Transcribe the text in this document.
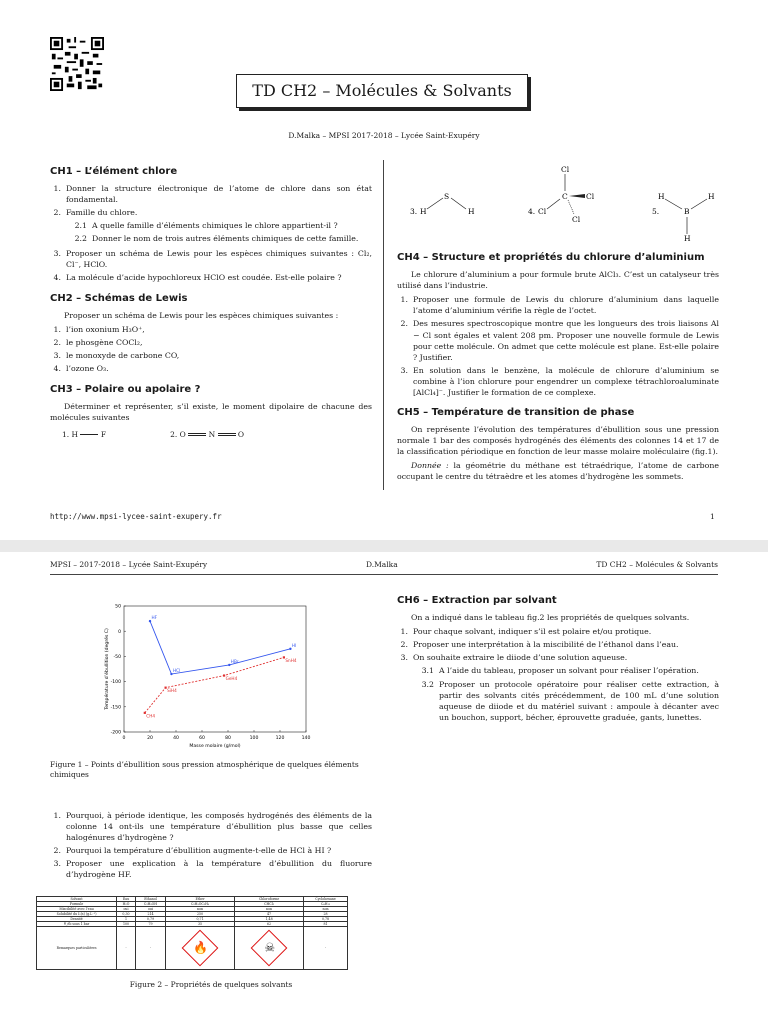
TD CH2 – Molécules & Solvants
D.Malka – MPSI 2017-2018 – Lycée Saint-Exupéry
CH1 – L’élément chlore
1. Donner la structure électronique de l’atome de chlore dans son état fondamental.
2. Famille du chlore.
2.1 A quelle famille d’éléments chimiques le chlore appartient-il ?
2.2 Donner le nom de trois autres éléments chimiques de cette famille.
3. Proposer un schéma de Lewis pour les espèces chimiques suivantes : Cl₂, Cl⁻, HClO.
4. La molécule d’acide hypochloreux HClO est coudée. Est-elle polaire ?
CH2 – Schémas de Lewis
Proposer un schéma de Lewis pour les espèces chimiques suivantes :
1. l’ion oxonium H₃O⁺,
2. le phosgène COCl₂,
3. le monoxyde de carbone CO,
4. l’ozone O₃.
CH3 – Polaire ou apolaire ?
Déterminer et représenter, s’il existe, le moment dipolaire de chacune des molécules suivantes
1. H	F	2. O	N	O
3. H
S
H	4. Cl
Cl
C Cl
Cl
5.
H
B
H
H
CH4 – Structure et propriétés du chlorure d’aluminium
Le chlorure d’aluminium a pour formule brute AlCl₃. C’est un catalyseur très utilisé dans l’industrie.
1. Proposer une formule de Lewis du chlorure d’aluminium dans laquelle l’atome d’aluminium vérifie la règle de l’octet.
2. Des mesures spectroscopique montre que les longueurs des trois liaisons Al − Cl sont égales et valent 208 pm. Proposer une nouvelle formule de Lewis pour cette molécule. On admet que cette molécule est plane. Est-elle polaire ? Justifier.
3. En solution dans le benzène, la molécule de chlorure d’aluminium se combine à l’ion chlorure pour engendrer un complexe tétrachloroaluminate [AlCl₄]⁻. Justifier le formation de ce complexe.
CH5 – Température de transition de phase
On représente l’évolution des températures d’ébullition sous une pression normale 1 bar des composés hydrogénés des éléments des colonnes 14 et 17 de la classification périodique en fonction de leur masse molaire moléculaire (fig.1).
Donnée : la géométrie du méthane est tétraédrique, l’atome de carbone occupant le centre du tétraèdre et les atomes d’hydrogène les sommets.
http://www.mpsi-lycee-saint-exupery.fr	1
MPSI – 2017-2018 – Lycée Saint-Exupéry	D.Malka	TD CH2 – Molécules & Solvants
0	20	40	60	80	100	120	140
-200
-150
-100
-50
0
50
Masse molaire (g/mol)
Température d’ébullition (degrés C)
HF
HCl
HBr
HI
CH4
SiH4
GeH4
SnH4
Figure 1 – Points d’ébullition sous pression atmosphérique de quelques éléments chimiques
1. Pourquoi, à période identique, les composés hydrogénés des éléments de la colonne 14 ont-ils une température d’ébullition plus basse que celles halogénures d’hydrogène ?
2. Pourquoi la température d’ébullition augmente-t-elle de HCl à HI ?
3. Proposer une explication à la température d’ébullition du fluorure d’hydrogène HF.
Solvant	Eau	Ethanol	Ether	Chloroforme	Cyclohexane
Formule	H₂O	C₂H₅OH	C₂H₅OC₂H₅	CHCl₃	C₆H₁₂
Miscibilité avec l’eau	oui	oui	non	non	non
Solubilité du I₂(s) (g.L⁻¹)	0,30	214	250	47	28
Densité	1	0,79	0,71	1,48	0,78
θ_éb sous 1 bar	100	79	35	62	81
Remarques particulières	-	-	🔥	☠	-
Figure 2 – Propriétés de quelques solvants
CH6 – Extraction par solvant
On a indiqué dans le tableau fig.2 les propriétés de quelques solvants.
1. Pour chaque solvant, indiquer s’il est polaire et/ou protique.
2. Proposer une interprétation à la miscibilité de l’éthanol dans l’eau.
3. On souhaite extraire le diiode d’une solution aqueuse.
3.1 A l’aide du tableau, proposer un solvant pour réaliser l’opération.
3.2 Proposer un protocole opératoire pour réaliser cette extraction, à partir des solvants cités précédemment, de 100 mL d’une solution aqueuse de diiode et du matériel suivant : ampoule à décanter avec un bouchon, support, bécher, éprouvette graduée, gants, lunettes.
